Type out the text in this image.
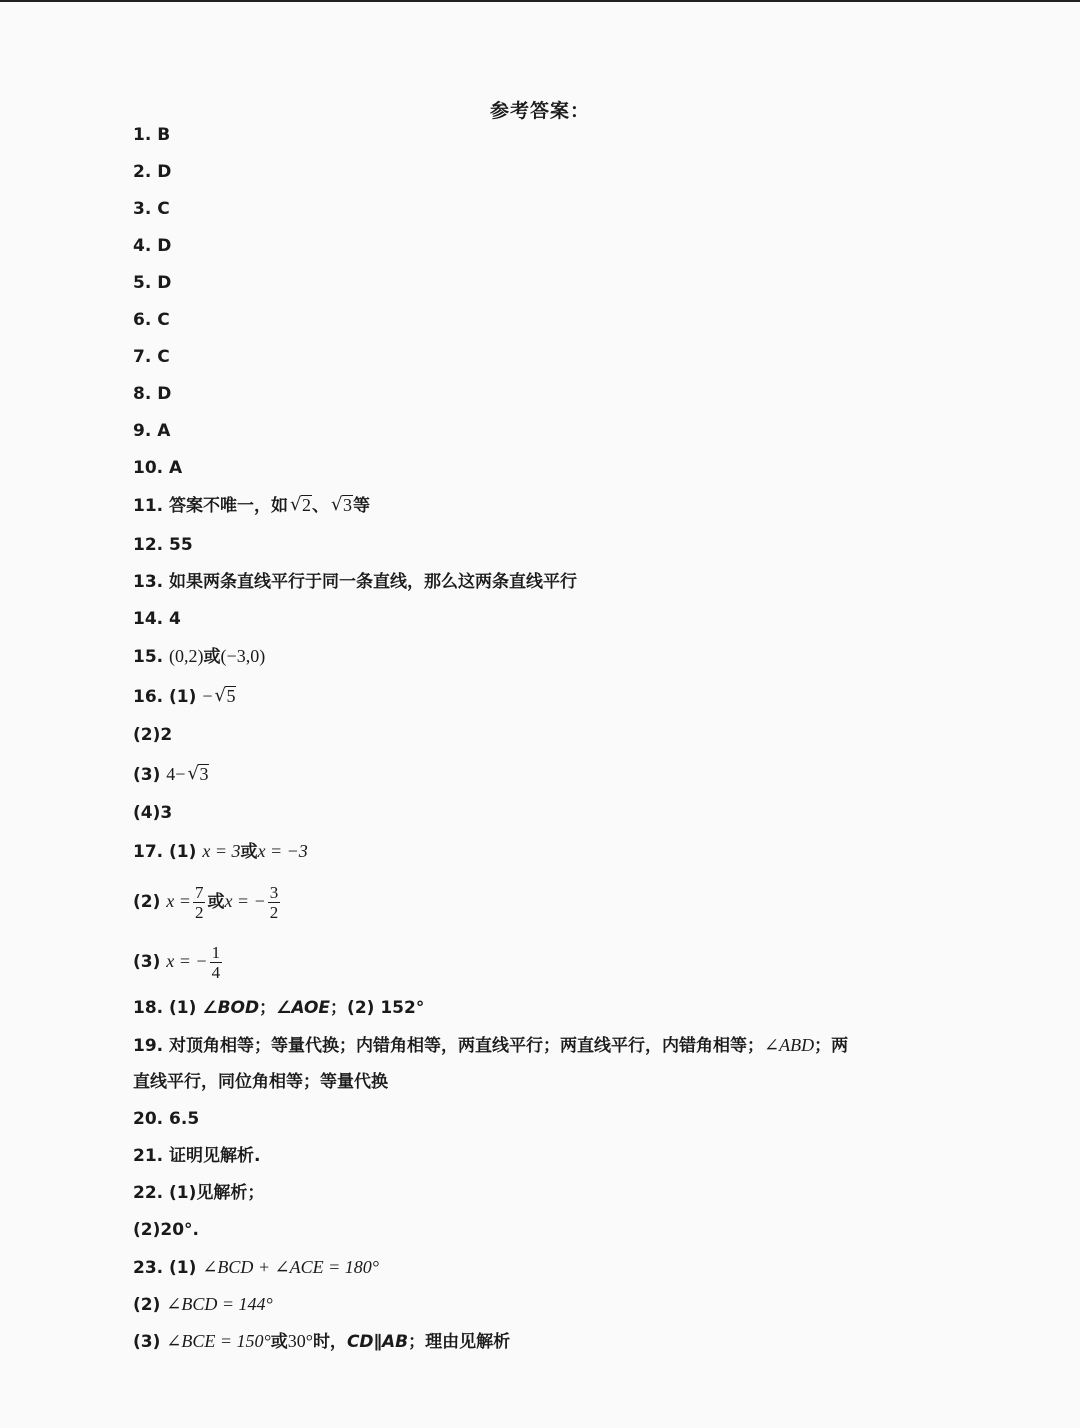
参考答案：
1. B
2. D
3. C
4. D
5. D
6. C
7. C
8. D
9. A
10. A
11. 答案不唯一，如 √ 2、 √ 3等
12. 55
13. 如果两条直线平行于同一条直线，那么这两条直线平行
14. 4
15. (0,2)或(−3,0)
16. (1) − √ 5
(2)2
(3) 4− √ 3
(4)3
17. (1) x = 3或x = −3
(2) $x = \frac{7}{2}$ 或x = − $\frac{3}{2}$
(3) x = − $\frac{1}{4}$
18. (1) ∠BOD；∠AOE；(2) 152°
19. 对顶角相等；等量代换；内错角相等，两直线平行；两直线平行，内错角相等；∠ABD；两
直线平行，同位角相等；等量代换
20. 6.5
21. 证明见解析.
22. (1)见解析；
(2)20°.
23. (1) ∠BCD + ∠ACE = 180°
(2) ∠BCD = 144°
(3) ∠BCE = 150°或30°时，CD∥AB；理由见解析
